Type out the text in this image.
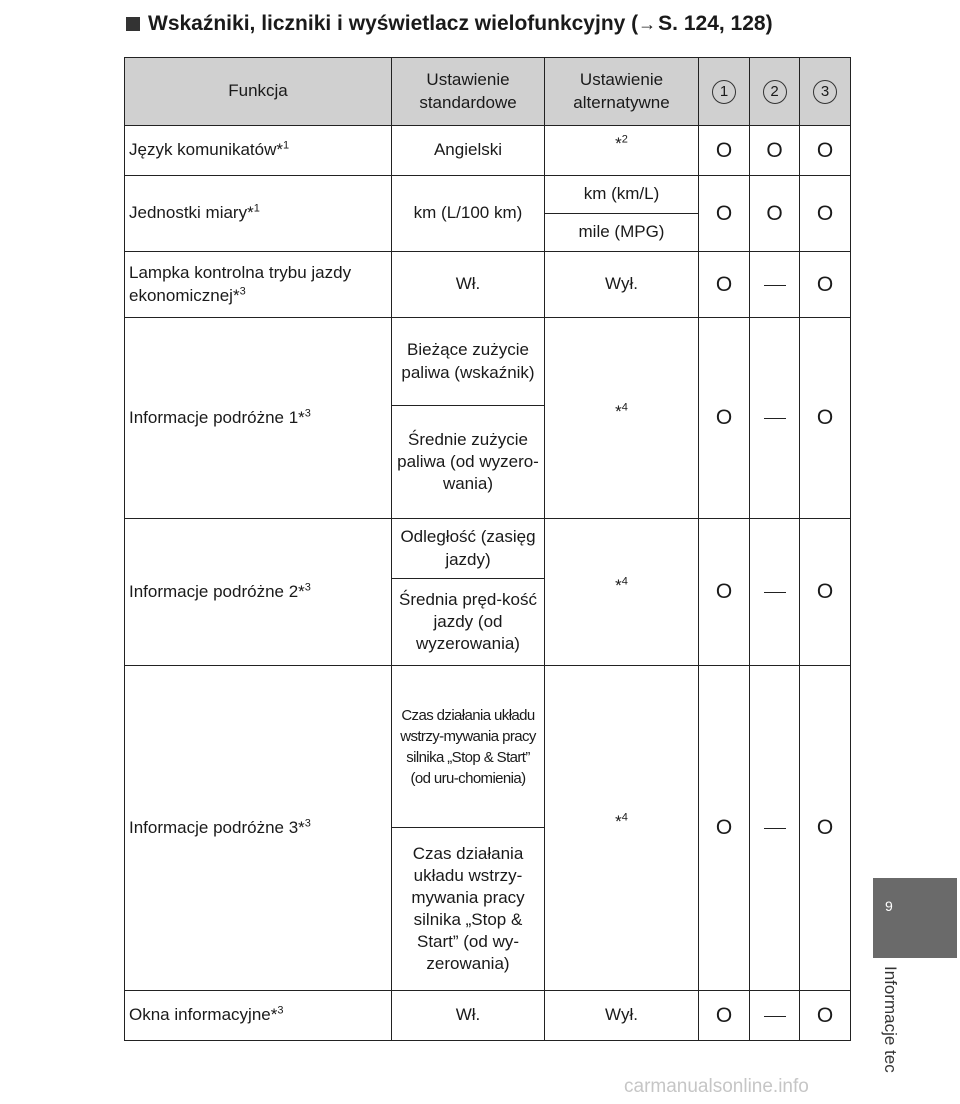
Wskaźniki, liczniki i wyświetlacz wielofunkcyjny ( → S. 124, 128)
Funkcja	Ustawienie standardowe	Ustawienie alternatywne	1	2	3
Język komunikatów*$^1$	Angielski	*$^2$	O	O	O
Jednostki miary*$^1$	km (L/100 km)	km (km/L)	O	O	O
		mile (MPG)			
Lampka kontrolna trybu jazdy ekonomicznej*$^3$	Wł.	Wył.	O		O
Informacje podróżne 1*$^3$	Bieżące zużycie paliwa (wskaźnik)	*$^4$	O		O
	Średnie zużycie paliwa (od wyzero-wania)				
Informacje podróżne 2*$^3$	Odległość (zasięg jazdy)	*$^4$	O		O
	Średnia pręd-kość jazdy (od wyzerowania)				
Informacje podróżne 3*$^3$	Czas działania układu wstrzy-mywania pracy silnika „Stop & Start” (od uru-chomienia)	*$^4$	O		O
	Czas działania układu wstrzy-mywania pracy silnika „Stop & Start” (od wy-zerowania)				
Okna informacyjne*$^3$	Wł.	Wył.	O		O
9
Informacje tec
carmanualsonline.info
